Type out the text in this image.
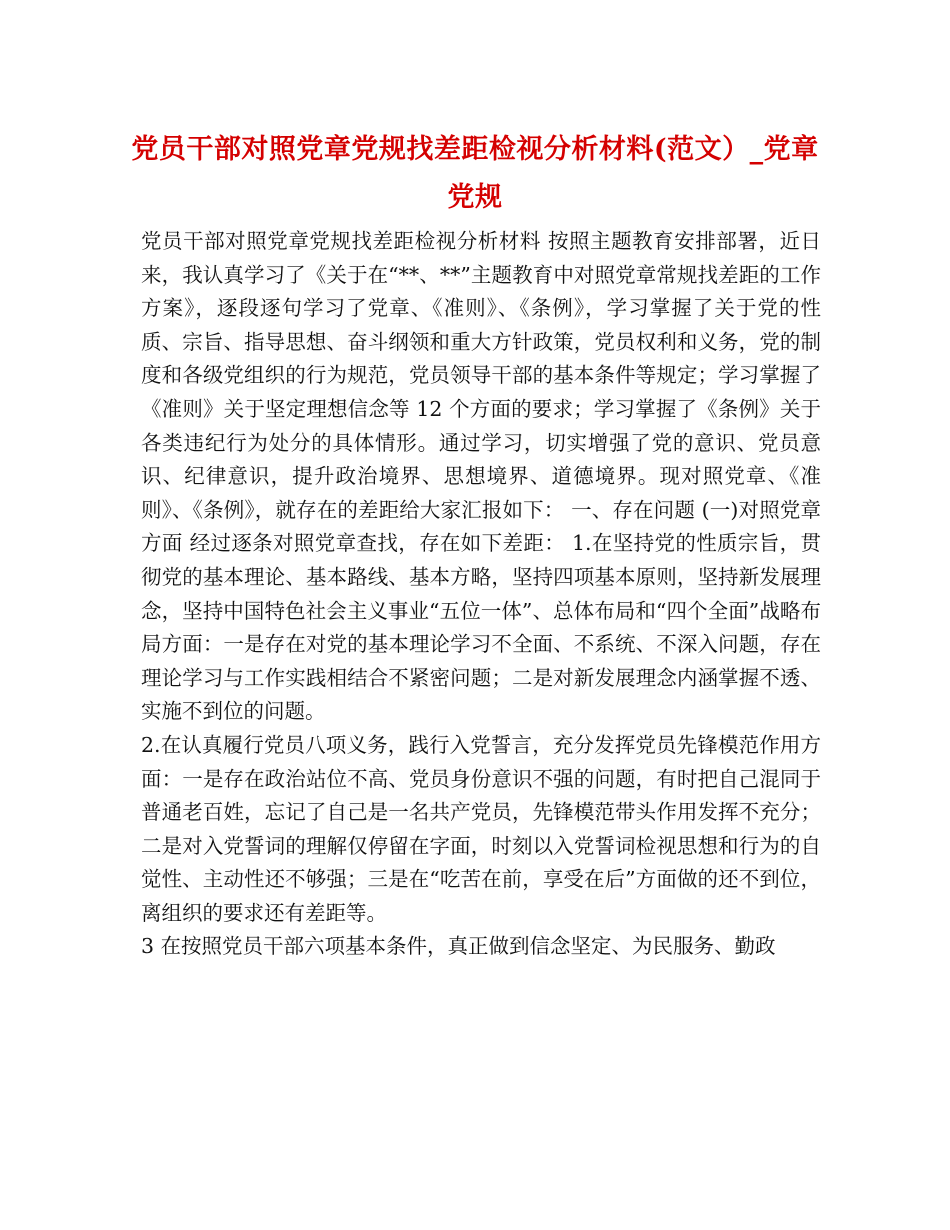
党员干部对照党章党规找差距检视分析材料(范文）_党章党规

党员干部对照党章党规找差距检视分析材料 按照主题教育安排部署，近日来，我认真学习了《关于在“**、**”主题教育中对照党章常规找差距的工作方案》，逐段逐句学习了党章、《准则》、《条例》，学习掌握了关于党的性质、宗旨、指导思想、奋斗纲领和重大方针政策，党员权利和义务，党的制度和各级党组织的行为规范，党员领导干部的基本条件等规定；学习掌握了《准则》关于坚定理想信念等 12 个方面的要求；学习掌握了《条例》关于各类违纪行为处分的具体情形。通过学习，切实增强了党的意识、党员意识、纪律意识，提升政治境界、思想境界、道德境界。现对照党章、《准则》、《条例》，就存在的差距给大家汇报如下： 一、存在问题 (一)对照党章方面 经过逐条对照党章查找，存在如下差距： 1.在坚持党的性质宗旨，贯彻党的基本理论、基本路线、基本方略，坚持四项基本原则，坚持新发展理念，坚持中国特色社会主义事业“五位一体”、总体布局和“四个全面”战略布局方面：一是存在对党的基本理论学习不全面、不系统、不深入问题，存在理论学习与工作实践相结合不紧密问题；二是对新发展理念内涵掌握不透、实施不到位的问题。

2.在认真履行党员八项义务，践行入党誓言，充分发挥党员先锋模范作用方面：一是存在政治站位不高、党员身份意识不强的问题，有时把自己混同于普通老百姓，忘记了自己是一名共产党员，先锋模范带头作用发挥不充分；二是对入党誓词的理解仅停留在字面，时刻以入党誓词检视思想和行为的自觉性、主动性还不够强；三是在“吃苦在前，享受在后”方面做的还不到位，离组织的要求还有差距等。

3 在按照党员干部六项基本条件，真正做到信念坚定、为民服务、勤政
